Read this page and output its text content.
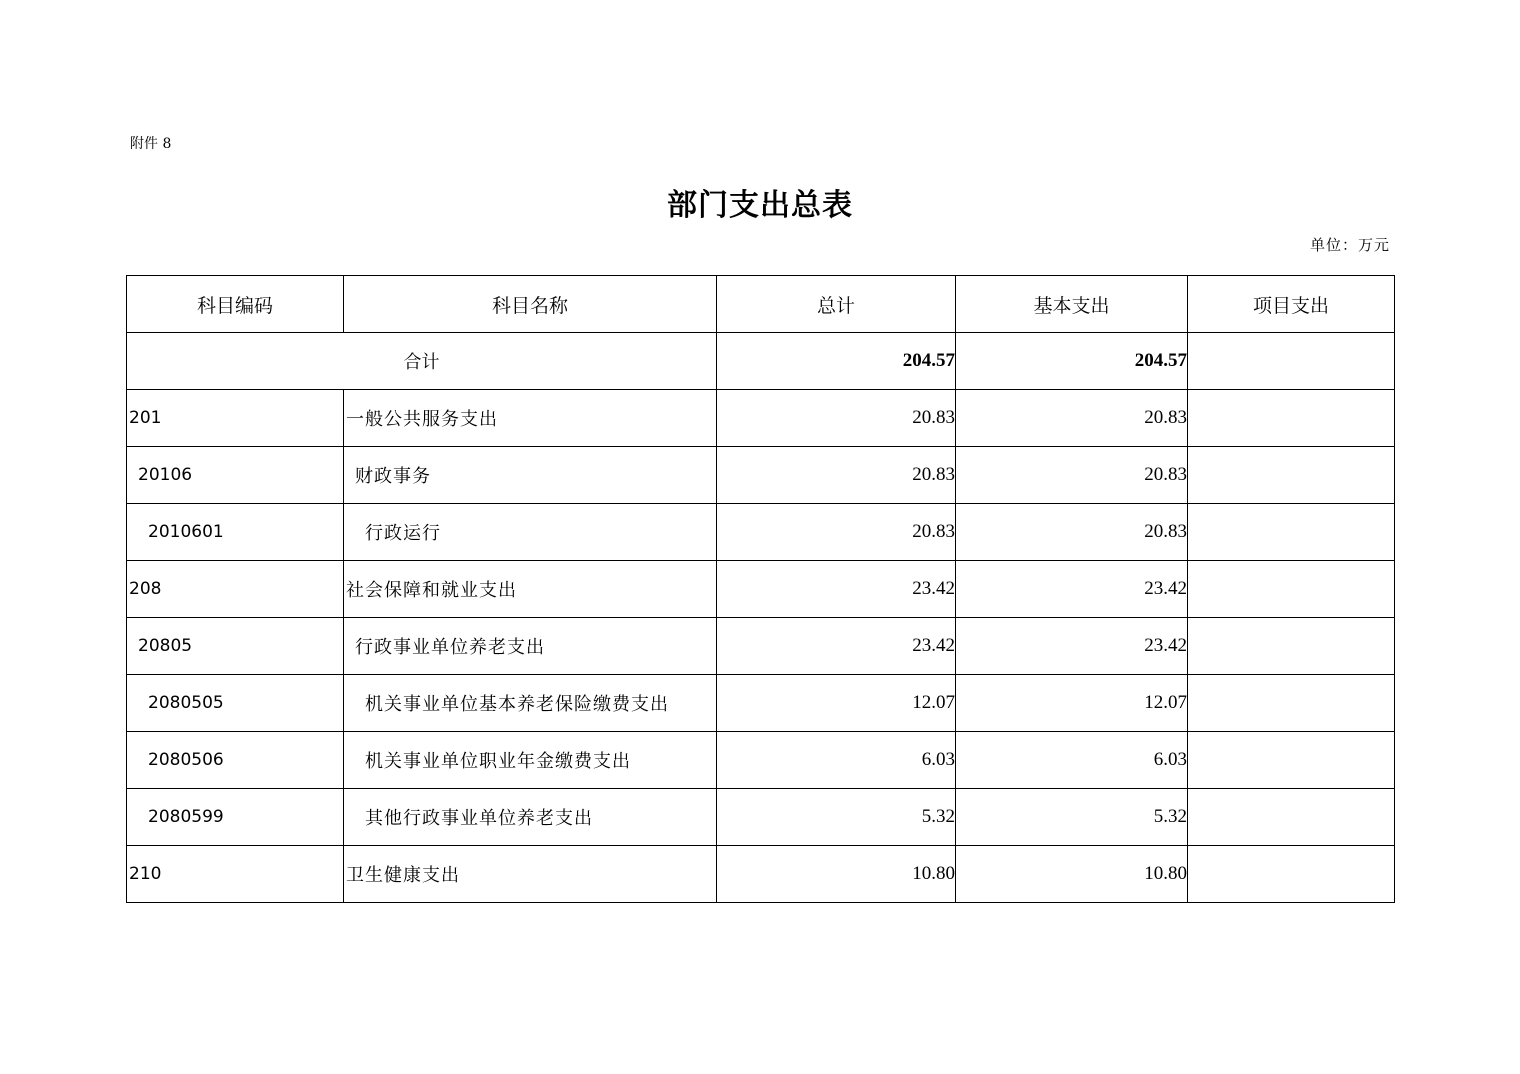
附件 8
部门支出总表
单位：万元
科目编码	科目名称	总计	基本支出	项目支出
合计		204.57	204.57	
201	一般公共服务支出	20.83	20.83	
20106	财政事务	20.83	20.83	
2010601	行政运行	20.83	20.83	
208	社会保障和就业支出	23.42	23.42	
20805	行政事业单位养老支出	23.42	23.42	
2080505	机关事业单位基本养老保险缴费支出	12.07	12.07	
2080506	机关事业单位职业年金缴费支出	6.03	6.03	
2080599	其他行政事业单位养老支出	5.32	5.32	
210	卫生健康支出	10.80	10.80	
